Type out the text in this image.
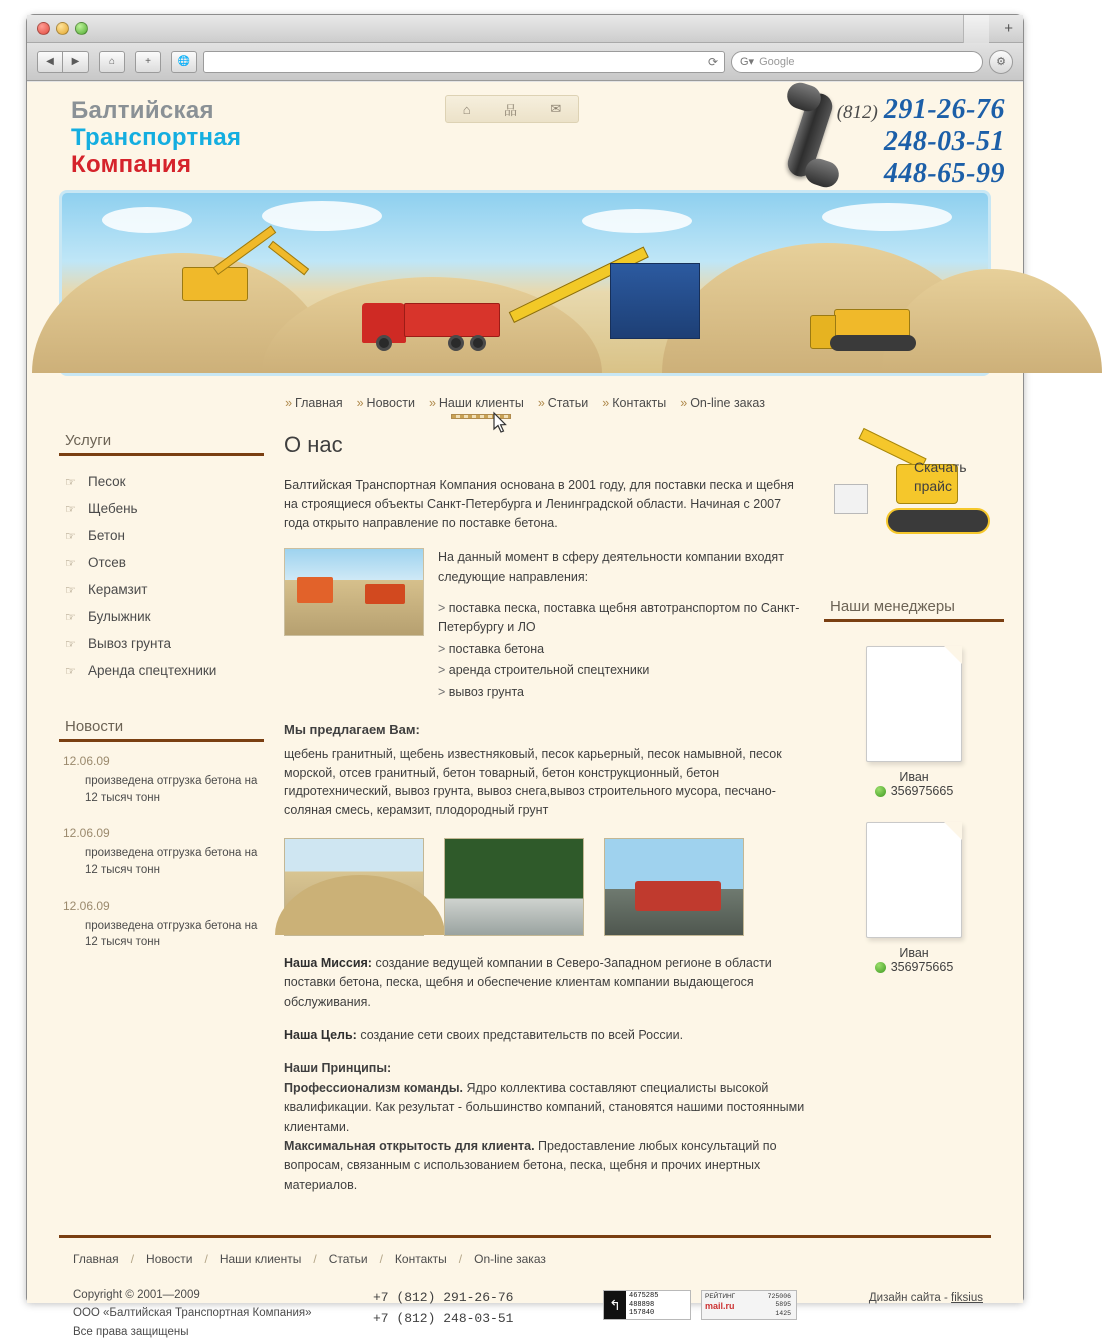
+
◀	▶	⌂	+	🌐	⟳ G▾ Google	⚙
Балтийская
Транспортная
Компания
⌂	品	✉	(812) 291-26-76
248-03-51
448-65-99
» Главная » Новости » Наши клиенты » Статьи » Контакты » On-line заказ
Услуги
☞ Песок
☞ Щебень
☞ Бетон
☞ Отсев
☞ Керамзит
☞ Булыжник
☞ Вывоз грунта
☞ Аренда спецтехники
Новости
12.06.09
произведена отгрузка бетона на 12 тысяч тонн
12.06.09
произведена отгрузка бетона на 12 тысяч тонн
12.06.09
произведена отгрузка бетона на 12 тысяч тонн
О нас

Балтийская Транспортная Компания основана в 2001 году, для поставки песка и щебня на строящиеся объекты Санкт-Петербурга и Ленинградской области. Начиная с 2007 года открыто направление по поставке бетона.

На данный момент в сферу деятельности компании входят следующие направления:
> поставка песка, поставка щебня автотранспортом по Санкт-Петербургу и ЛО
> поставка бетона
> аренда строительной спецтехники
> вывоз грунта
Мы предлагаем Вам:
щебень гранитный, щебень известняковый, песок карьерный, песок намывной, песок морской, отсев гранитный, бетон товарный, бетон конструкционный, бетон гидротехнический, вывоз грунта, вывоз снега,вывоз строительного мусора, песчано-соляная смесь, керамзит, плодородный грунт
Наша Миссия: создание ведущей компании в Северо-Западном регионе в области поставки бетона, песка, щебня и обеспечение клиентам компании выдающегося обслуживания.
Наша Цель: создание сети своих представительств по всей России.
Наши Принципы:
Профессионализм команды. Ядро коллектива составляют специалисты высокой квалификации. Как результат - большинство компаний, становятся нашими постоянными клиентами.
Максимальная открытость для клиента. Предоставление любых консультаций по вопросам, связанным с использованием бетона, песка, щебня и прочих инертных материалов.
Скачать
прайс
Наши менеджеры
Иван
356975665
Иван
356975665
Главная / Новости / Наши клиенты / Статьи / Контакты / On-line заказ
Copyright © 2001—2009
ООО «Балтийская Транспортная Компания»
Все права защищены
+7 (812) 291-26-76
+7 (812) 248-03-51
↰
4675285
488898
157840
РЕЙТИНГ
mail.ru
725006
5895
1425
Дизайн сайта - fiksius
